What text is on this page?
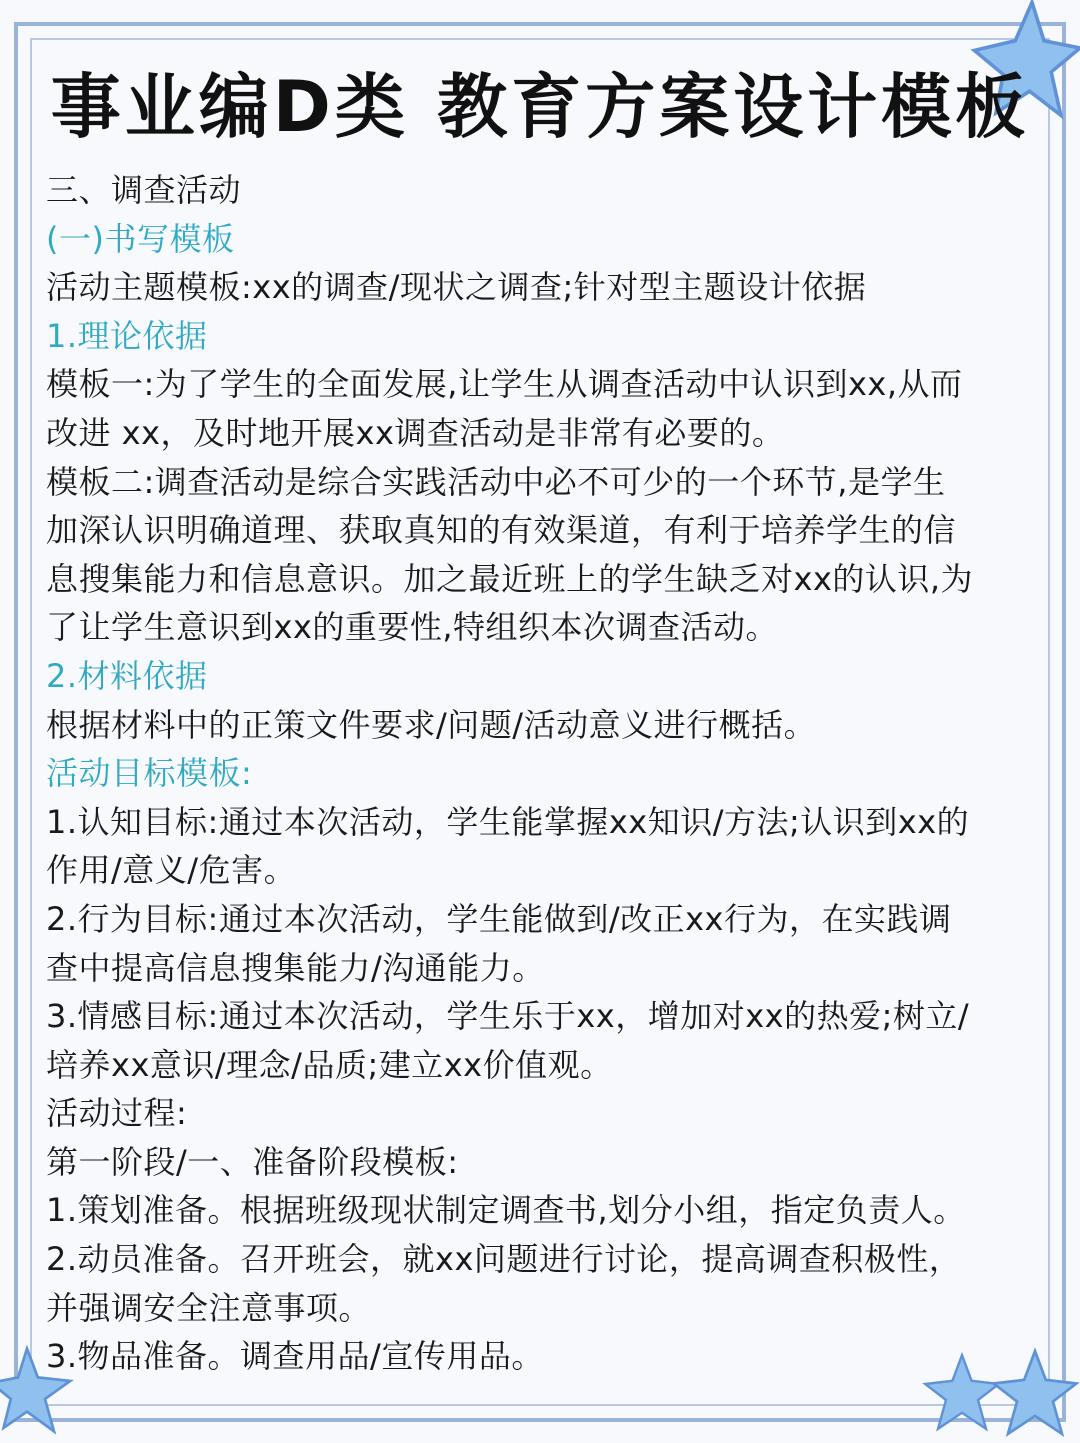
事业编D类 教育方案设计模板
三、调查活动
(一)书写模板
活动主题模板:xx的调查/现状之调查;针对型主题设计依据
1.理论依据
模板一:为了学生的全面发展,让学生从调查活动中认识到xx,从而
改进 xx，及时地开展xx调查活动是非常有必要的。
模板二:调查活动是综合实践活动中必不可少的一个环节,是学生
加深认识明确道理、获取真知的有效渠道，有利于培养学生的信
息搜集能力和信息意识。加之最近班上的学生缺乏对xx的认识,为
了让学生意识到xx的重要性,特组织本次调查活动。
2.材料依据
根据材料中的正策文件要求/问题/活动意义进行概括。
活动目标模板:
1.认知目标:通过本次活动，学生能掌握xx知识/方法;认识到xx的
作用/意义/危害。
2.行为目标:通过本次活动，学生能做到/改正xx行为，在实践调
查中提高信息搜集能力/沟通能力。
3.情感目标:通过本次活动，学生乐于xx，增加对xx的热爱;树立/
培养xx意识/理念/品质;建立xx价值观。
活动过程:
第一阶段/一、准备阶段模板:
1.策划准备。根据班级现状制定调查书,划分小组，指定负责人。
2.动员准备。召开班会，就xx问题进行讨论，提高调查积极性，
并强调安全注意事项。
3.物品准备。调查用品/宣传用品。
